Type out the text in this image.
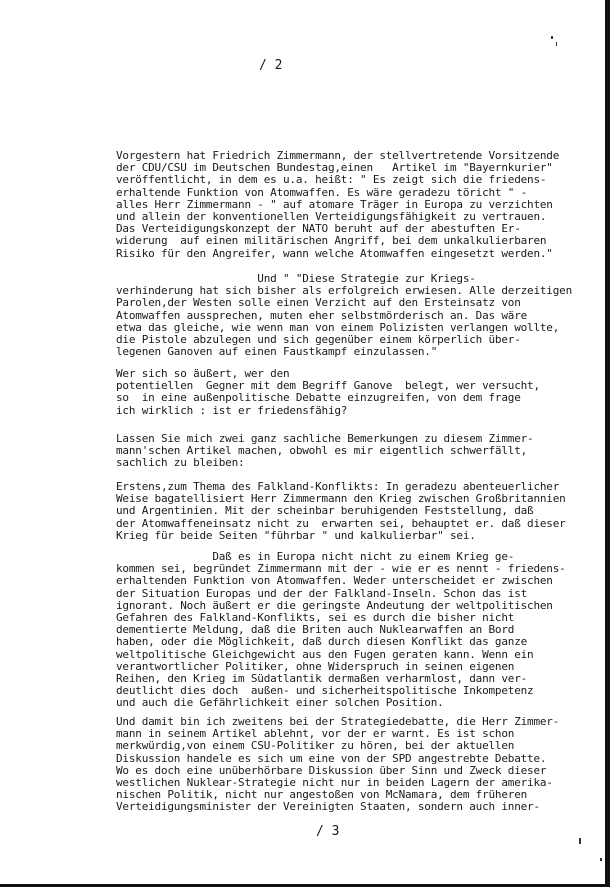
/ 2
Vorgestern hat Friedrich Zimmermann, der stellvertretende Vorsitzende
der CDU/CSU im Deutschen Bundestag,einen   Artikel im "Bayernkurier"
veröffentlicht, in dem es u.a. heißt: " Es zeigt sich die friedens-
erhaltende Funktion von Atomwaffen. Es wäre geradezu töricht " -
alles Herr Zimmermann - " auf atomare Träger in Europa zu verzichten
und allein der konventionellen Verteidigungsfähigkeit zu vertrauen.
Das Verteidigungskonzept der NATO beruht auf der abestuften Er-
widerung  auf einen militärischen Angriff, bei dem unkalkulierbaren
Risiko für den Angreifer, wann welche Atomwaffen eingesetzt werden."
Und " "Diese Strategie zur Kriegs-
verhinderung hat sich bisher als erfolgreich erwiesen. Alle derzeitigen
Parolen,der Westen solle einen Verzicht auf den Ersteinsatz von
Atomwaffen aussprechen, muten eher selbstmörderisch an. Das wäre
etwa das gleiche, wie wenn man von einem Polizisten verlangen wollte,
die Pistole abzulegen und sich gegenüber einem körperlich über-
legenen Ganoven auf einen Faustkampf einzulassen."
Wer sich so äußert, wer den
potentiellen  Gegner mit dem Begriff Ganove  belegt, wer versucht,
so  in eine außenpolitische Debatte einzugreifen, von dem frage
ich wirklich : ist er friedensfähig?
Lassen Sie mich zwei ganz sachliche Bemerkungen zu diesem Zimmer-
mann'schen Artikel machen, obwohl es mir eigentlich schwerfällt,
sachlich zu bleiben:
Erstens,zum Thema des Falkland-Konflikts: In geradezu abenteuerlicher
Weise bagatellisiert Herr Zimmermann den Krieg zwischen Großbritannien
und Argentinien. Mit der scheinbar beruhigenden Feststellung, daß
der Atomwaffeneinsatz nicht zu  erwarten sei, behauptet er. daß dieser
Krieg für beide Seiten "führbar " und kalkulierbar" sei.
Daß es in Europa nicht nicht zu einem Krieg ge-
kommen sei, begründet Zimmermann mit der - wie er es nennt - friedens-
erhaltenden Funktion von Atomwaffen. Weder unterscheidet er zwischen
der Situation Europas und der der Falkland-Inseln. Schon das ist
ignorant. Noch äußert er die geringste Andeutung der weltpolitischen
Gefahren des Falkland-Konflikts, sei es durch die bisher nicht
dementierte Meldung, daß die Briten auch Nuklearwaffen an Bord
haben, oder die Möglichkeit, daß durch diesen Konflikt das ganze
weltpolitische Gleichgewicht aus den Fugen geraten kann. Wenn ein
verantwortlicher Politiker, ohne Widerspruch in seinen eigenen
Reihen, den Krieg im Südatlantik dermaßen verharmlost, dann ver-
deutlicht dies doch  außen- und sicherheitspolitische Inkompetenz
und auch die Gefährlichkeit einer solchen Position.
Und damit bin ich zweitens bei der Strategiedebatte, die Herr Zimmer-
mann in seinem Artikel ablehnt, vor der er warnt. Es ist schon
merkwürdig,von einem CSU-Politiker zu hören, bei der aktuellen
Diskussion handele es sich um eine von der SPD angestrebte Debatte.
Wo es doch eine unüberhörbare Diskussion über Sinn und Zweck dieser
westlichen Nuklear-Strategie nicht nur in beiden Lagern der amerika-
nischen Politik, nicht nur angestoßen von McNamara, dem früheren
Verteidigungsminister der Vereinigten Staaten, sondern auch inner-
/ 3
